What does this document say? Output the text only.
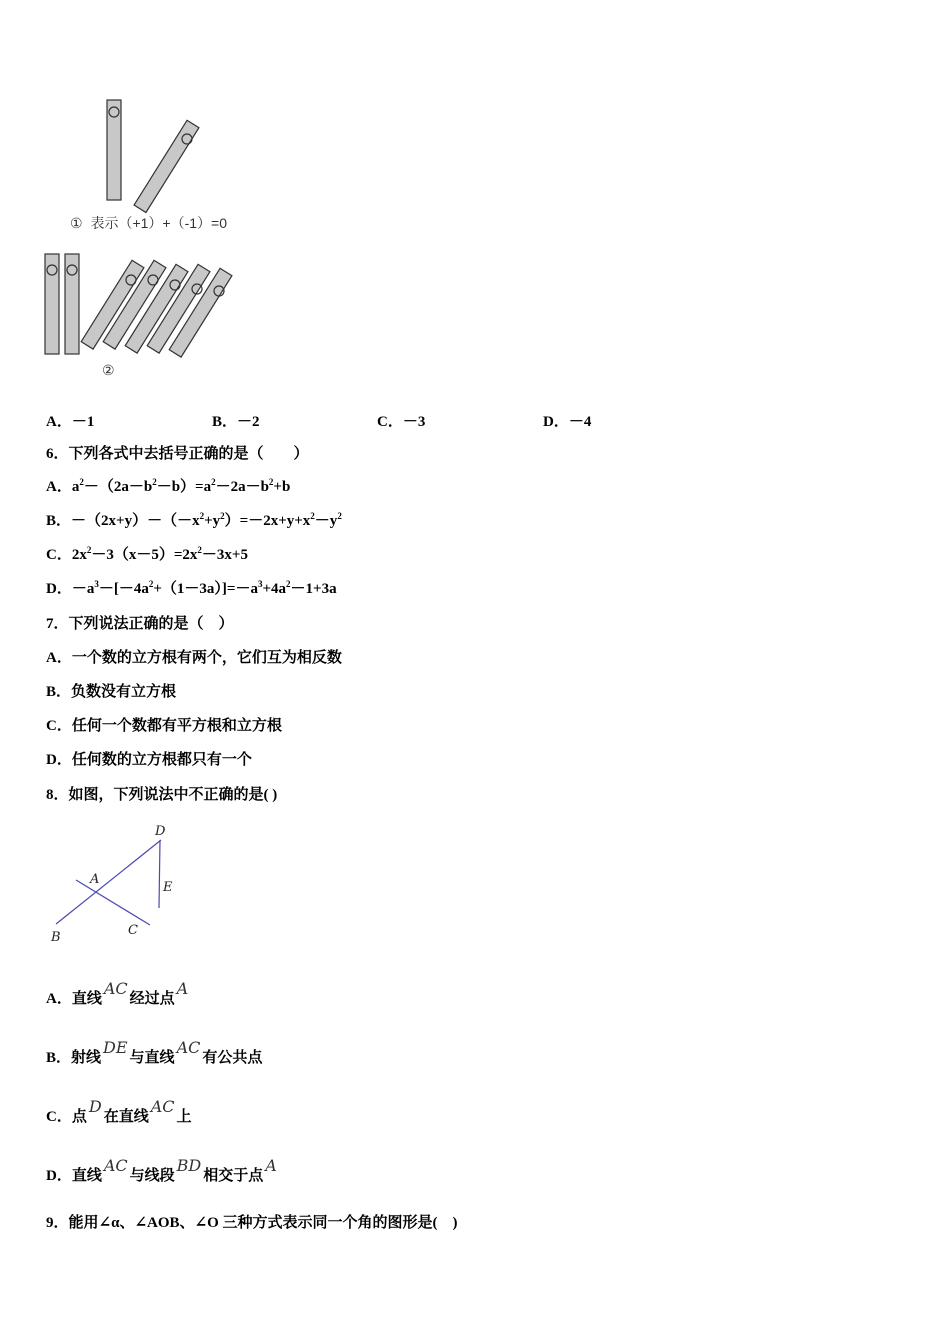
① 表示（+1）+（-1）=0
②
A．－1	B．－2	C．－3	D．－4
6．下列各式中去括号正确的是（　　）
A．$a^2-(2a-b^2-b)=a^2-2a-b^2+b$
B．$-(2x+y)-(-x^2+y^2)=-2x+y+x^2-y^2$
C．$2x^2-3(x-5)=2x^2-3x+5$
D．$-a^3-[-4a^2+(1-3a)]=-a^3+4a^2-1+3a$
7．下列说法正确的是（　）
A．一个数的立方根有两个，它们互为相反数
B．负数没有立方根
C．任何一个数都有平方根和立方根
D．任何数的立方根都只有一个
8．如图，下列说法中不正确的是( )
D
A
E
B	C
A．直线AC经过点A
B．射线DE与直线AC有公共点
C．点D在直线AC上
D．直线AC与线段BD相交于点A
9．能用∠α、∠AOB、∠O 三种方式表示同一个角的图形是(　)
